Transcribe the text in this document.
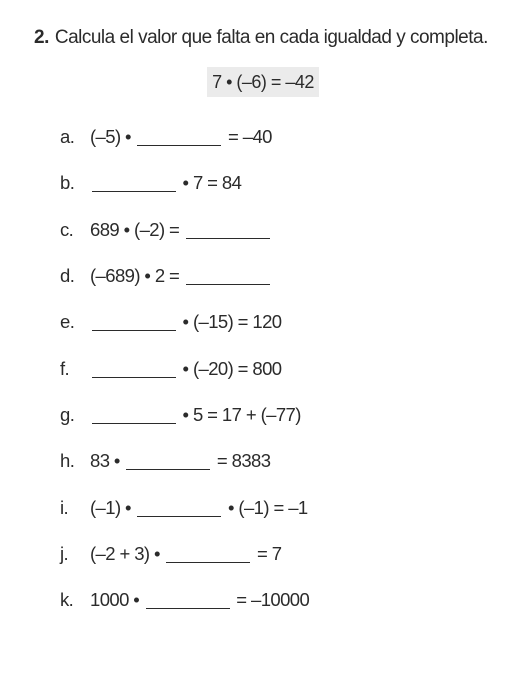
2. Calcula el valor que falta en cada igualdad y completa.
7 • (–6) = –42
a. (–5) •	= –40
b.	• 7 = 84
c. 689 • (–2) =
d. (–689) • 2 =
e.	• (–15) = 120
f.	• (–20) = 800
g.	• 5 = 17 + (–77)
h. 83 •	= 8383
i.	(–1) •	• (–1) = –1
j.	(–2 + 3) •	= 7
k. 1000 •	= –10000
